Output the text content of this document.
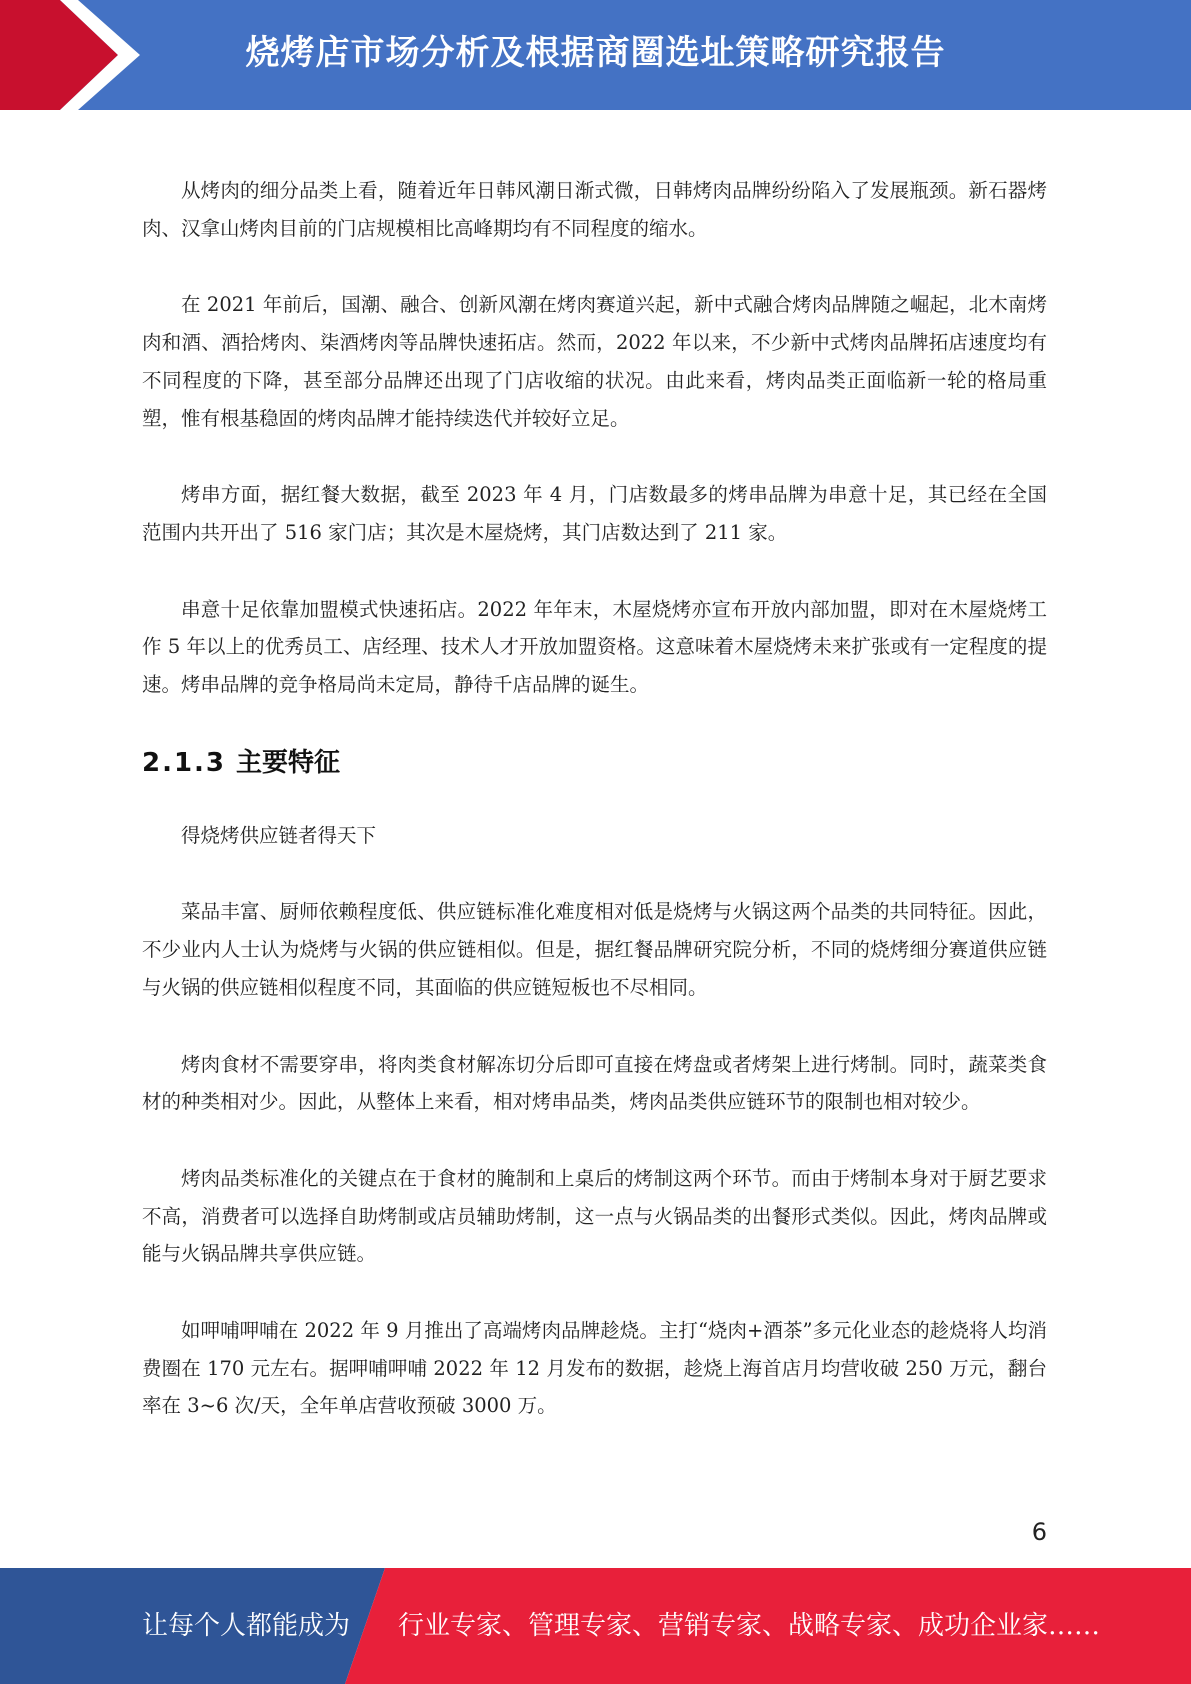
烧烤店市场分析及根据商圈选址策略研究报告

从烤肉的细分品类上看，随着近年日韩风潮日渐式微，日韩烤肉品牌纷纷陷入了发展瓶颈。新石器烤肉、汉拿山烤肉目前的门店规模相比高峰期均有不同程度的缩水。

在 2021 年前后，国潮、融合、创新风潮在烤肉赛道兴起，新中式融合烤肉品牌随之崛起，北木南烤肉和酒、酒拾烤肉、柒酒烤肉等品牌快速拓店。然而，2022 年以来，不少新中式烤肉品牌拓店速度均有不同程度的下降，甚至部分品牌还出现了门店收缩的状况。由此来看，烤肉品类正面临新一轮的格局重塑，惟有根基稳固的烤肉品牌才能持续迭代并较好立足。

烤串方面，据红餐大数据，截至 2023 年 4 月，门店数最多的烤串品牌为串意十足，其已经在全国范围内共开出了 516 家门店；其次是木屋烧烤，其门店数达到了 211 家。

串意十足依靠加盟模式快速拓店。2022 年年末，木屋烧烤亦宣布开放内部加盟，即对在木屋烧烤工作 5 年以上的优秀员工、店经理、技术人才开放加盟资格。这意味着木屋烧烤未来扩张或有一定程度的提速。烤串品牌的竞争格局尚未定局，静待千店品牌的诞生。

2.1.3 主要特征

得烧烤供应链者得天下

菜品丰富、厨师依赖程度低、供应链标准化难度相对低是烧烤与火锅这两个品类的共同特征。因此，不少业内人士认为烧烤与火锅的供应链相似。但是，据红餐品牌研究院分析，不同的烧烤细分赛道供应链与火锅的供应链相似程度不同，其面临的供应链短板也不尽相同。

烤肉食材不需要穿串，将肉类食材解冻切分后即可直接在烤盘或者烤架上进行烤制。同时，蔬菜类食材的种类相对少。因此，从整体上来看，相对烤串品类，烤肉品类供应链环节的限制也相对较少。

烤肉品类标准化的关键点在于食材的腌制和上桌后的烤制这两个环节。而由于烤制本身对于厨艺要求不高，消费者可以选择自助烤制或店员辅助烤制，这一点与火锅品类的出餐形式类似。因此，烤肉品牌或能与火锅品牌共享供应链。

如呷哺呷哺在 2022 年 9 月推出了高端烤肉品牌趁烧。主打“烧肉+酒茶”多元化业态的趁烧将人均消费圈在 170 元左右。据呷哺呷哺 2022 年 12 月发布的数据，趁烧上海首店月均营收破 250 万元，翻台率在 3~6 次/天，全年单店营收预破 3000 万。

6
让每个人都能成为 行业专家、管理专家、营销专家、战略专家、成功企业家……
